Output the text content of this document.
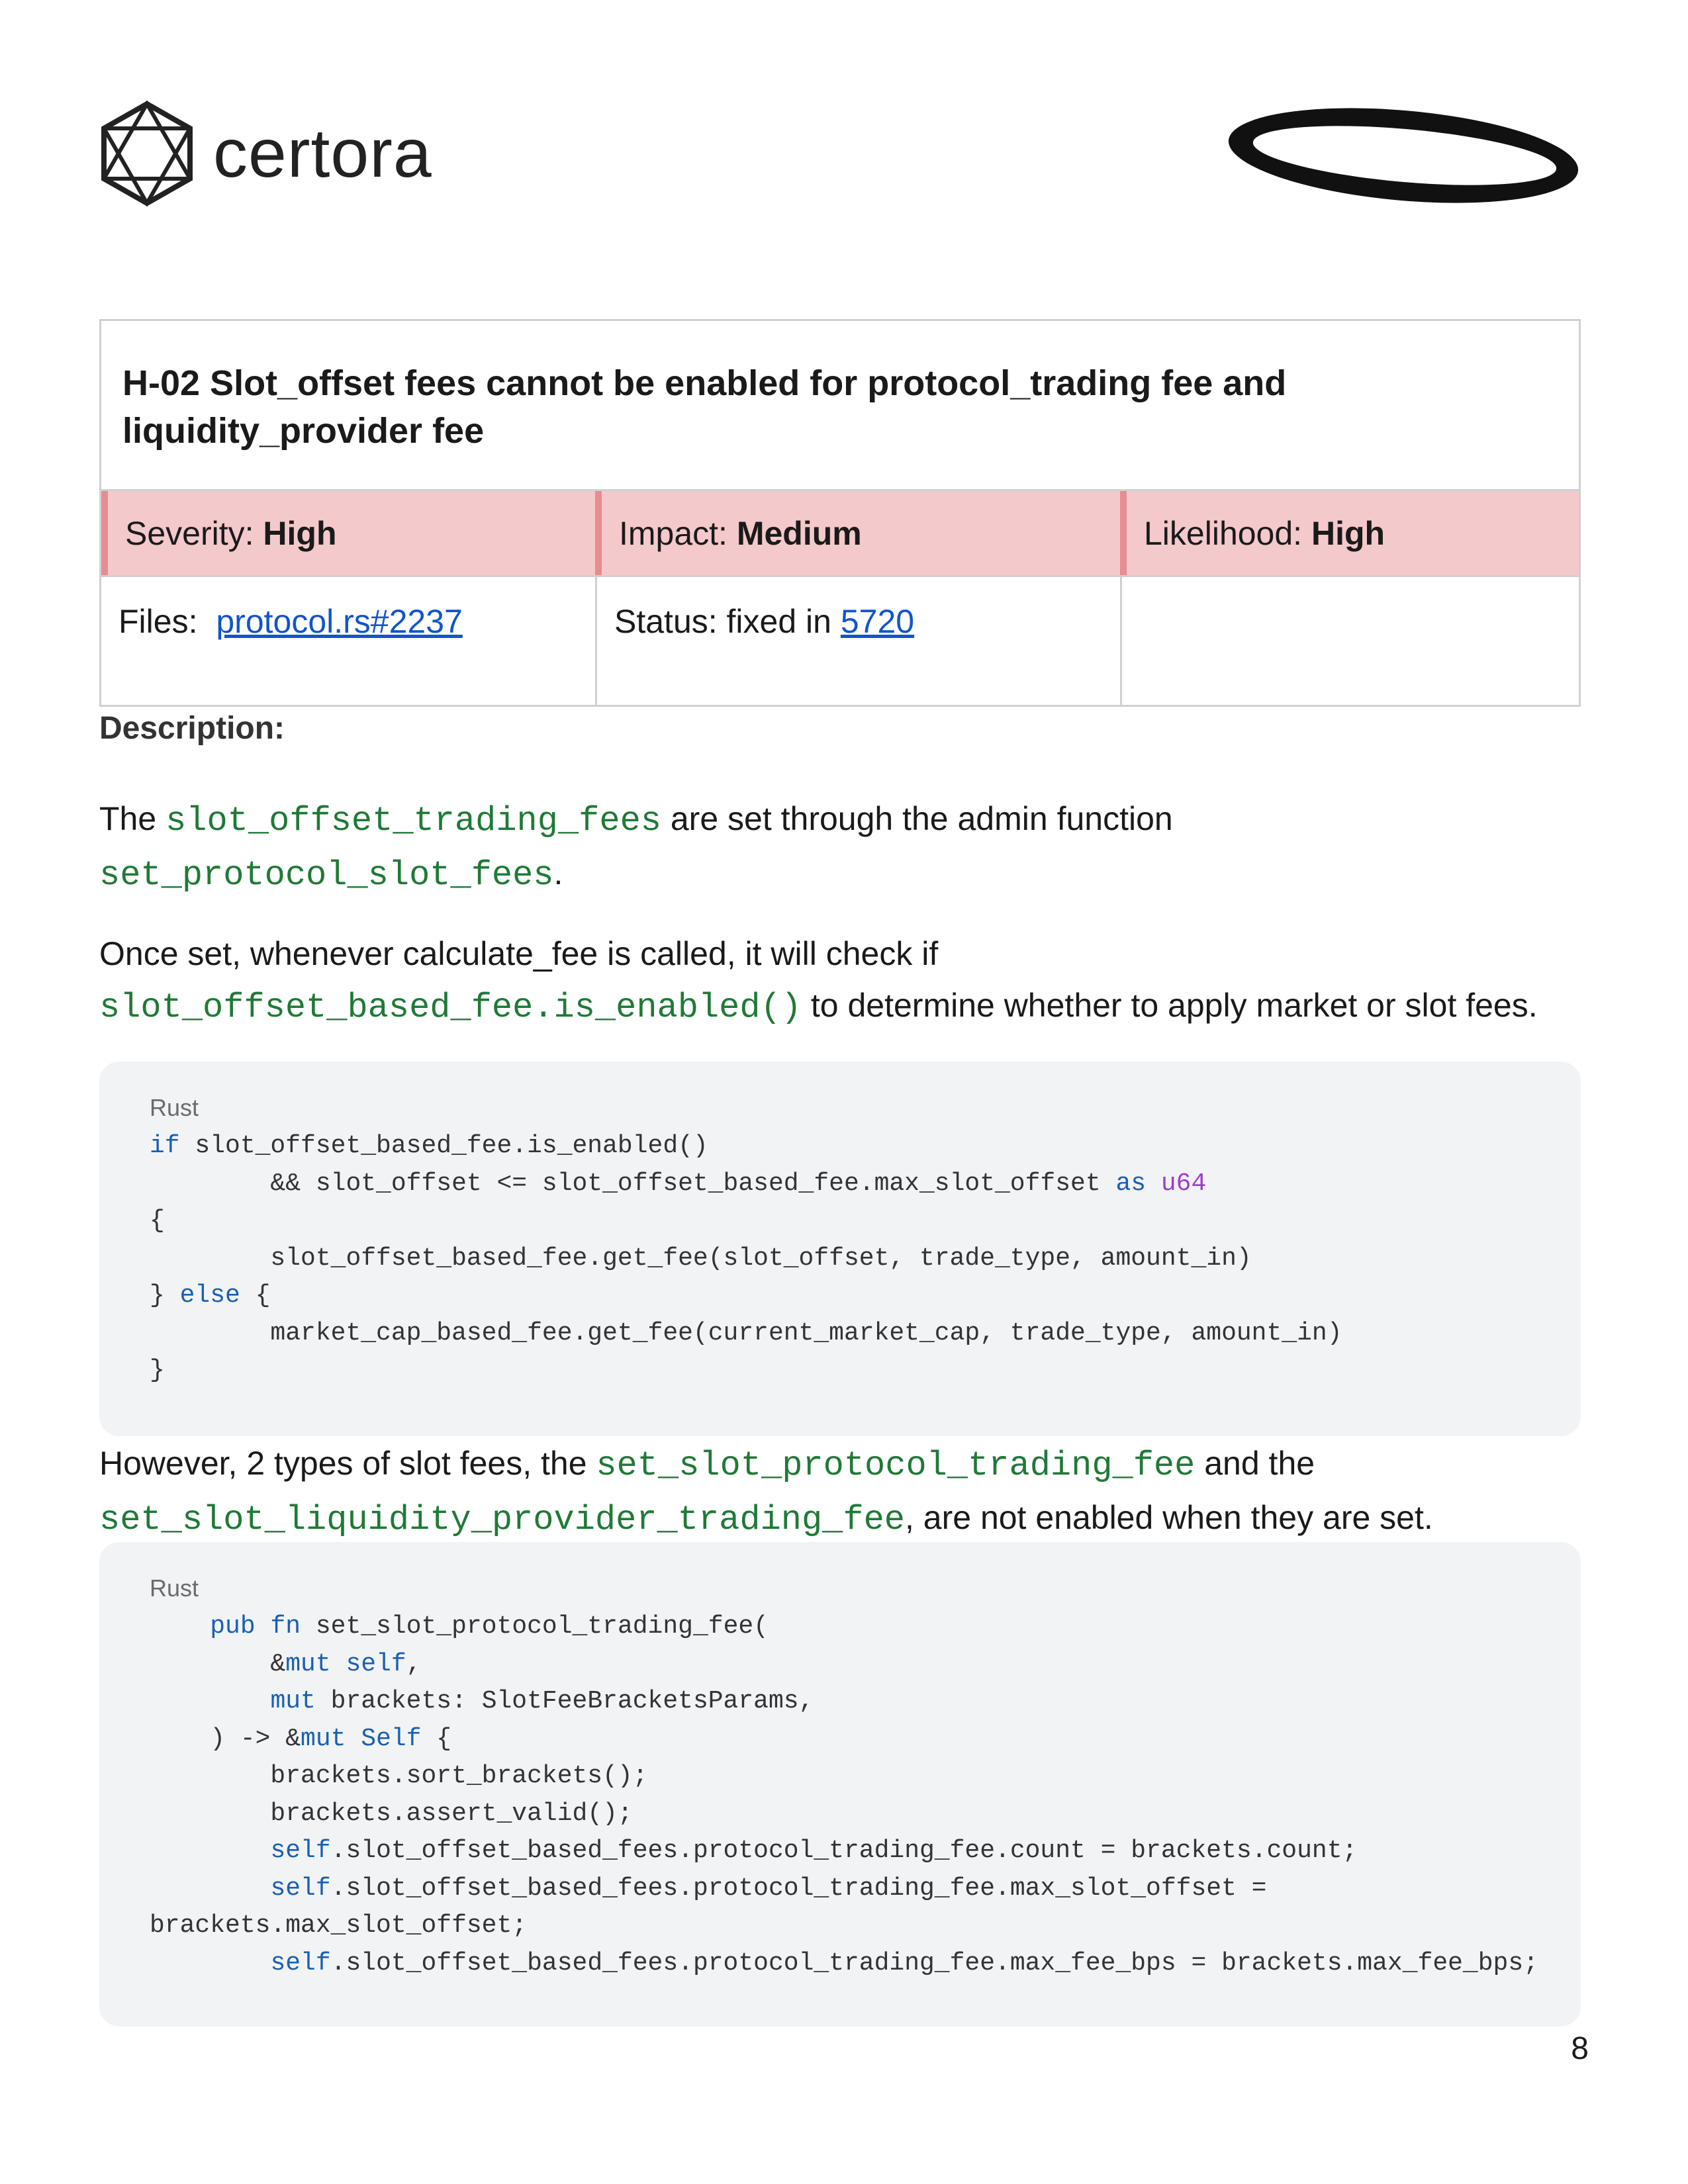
certora
H-02 Slot_offset fees cannot be enabled for protocol_trading fee and liquidity_provider fee
Severity: High	Impact: Medium	Likelihood: High
Files: protocol.rs#2237	Status: fixed in 5720
Description:
The slot_offset_trading_fees are set through the admin function set_protocol_slot_fees.
Once set, whenever calculate_fee is called, it will check if slot_offset_based_fee.is_enabled() to determine whether to apply market or slot fees.
Rust
if slot_offset_based_fee.is_enabled()
&& slot_offset <= slot_offset_based_fee.max_slot_offset as u64
{
slot_offset_based_fee.get_fee(slot_offset, trade_type, amount_in)
} else {
market_cap_based_fee.get_fee(current_market_cap, trade_type, amount_in)
}
However, 2 types of slot fees, the set_slot_protocol_trading_fee and the set_slot_liquidity_provider_trading_fee, are not enabled when they are set.
Rust
pub fn set_slot_protocol_trading_fee(
&mut self,
mut brackets: SlotFeeBracketsParams,
) -> &mut Self {
brackets.sort_brackets();
brackets.assert_valid();
self.slot_offset_based_fees.protocol_trading_fee.count = brackets.count;
self.slot_offset_based_fees.protocol_trading_fee.max_slot_offset =
brackets.max_slot_offset;
self.slot_offset_based_fees.protocol_trading_fee.max_fee_bps = brackets.max_fee_bps;
8
